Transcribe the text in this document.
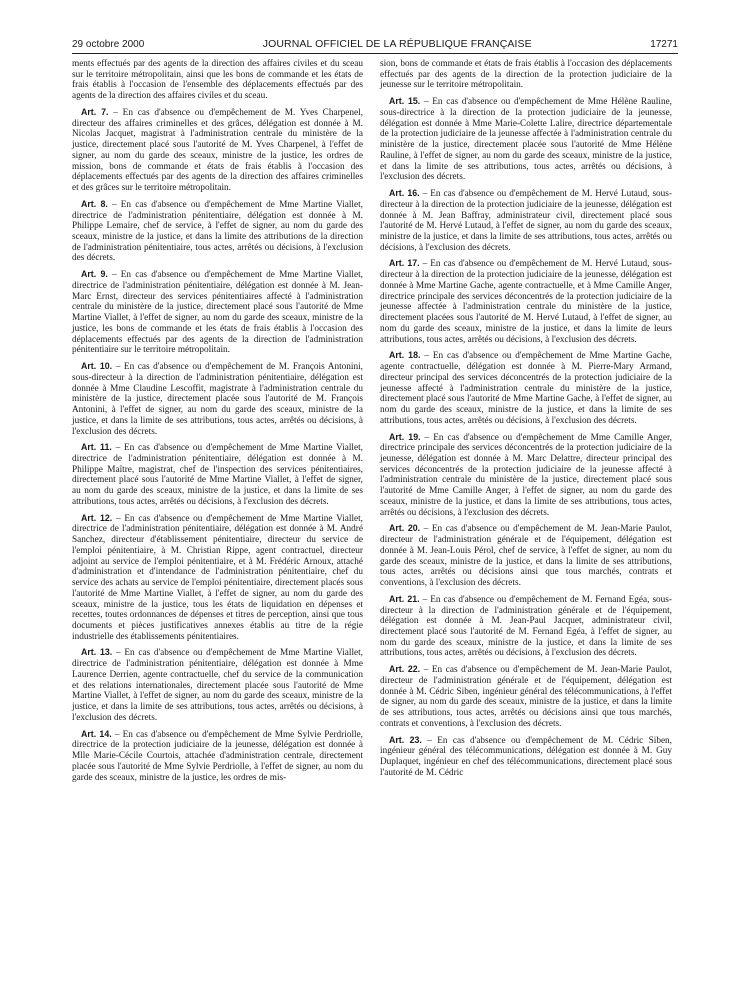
29 octobre 2000	JOURNAL OFFICIEL DE LA RÉPUBLIQUE FRANÇAISE	17271

ments effectués par des agents de la direction des affaires civiles et du sceau sur le territoire métropolitain, ainsi que les bons de commande et les états de frais établis à l'occasion de l'ensemble des déplacements effectués par des agents de la direction des affaires civiles et du sceau.

Art. 7. – En cas d'absence ou d'empêchement de M. Yves Charpenel, directeur des affaires criminelles et des grâces, délégation est donnée à M. Nicolas Jacquet, magistrat à l'administration centrale du ministère de la justice, directement placé sous l'autorité de M. Yves Charpenel, à l'effet de signer, au nom du garde des sceaux, ministre de la justice, les ordres de mission, bons de commande et états de frais établis à l'occasion des déplacements effectués par des agents de la direction des affaires criminelles et des grâces sur le territoire métropolitain.

Art. 8. – En cas d'absence ou d'empêchement de Mme Martine Viallet, directrice de l'administration pénitentiaire, délégation est donnée à M. Philippe Lemaire, chef de service, à l'effet de signer, au nom du garde des sceaux, ministre de la justice, et dans la limite des attributions de la direction de l'administration pénitentiaire, tous actes, arrêtés ou décisions, à l'exclusion des décrets.

Art. 9. – En cas d'absence ou d'empêchement de Mme Martine Viallet, directrice de l'administration pénitentiaire, délégation est donnée à M. Jean-Marc Ernst, directeur des services pénitentiaires affecté à l'administration centrale du ministère de la justice, directement placé sous l'autorité de Mme Martine Viallet, à l'effet de signer, au nom du garde des sceaux, ministre de la justice, les bons de commande et les états de frais établis à l'occasion des déplacements effectués par des agents de la direction de l'administration pénitentiaire sur le territoire métropolitain.

Art. 10. – En cas d'absence ou d'empêchement de M. François Antonini, sous-directeur à la direction de l'administration pénitentiaire, délégation est donnée à Mme Claudine Lescoffit, magistrate à l'administration centrale du ministère de la justice, directement placée sous l'autorité de M. François Antonini, à l'effet de signer, au nom du garde des sceaux, ministre de la justice, et dans la limite de ses attributions, tous actes, arrêtés ou décisions, à l'exclusion des décrets.

Art. 11. – En cas d'absence ou d'empêchement de Mme Martine Viallet, directrice de l'administration pénitentiaire, délégation est donnée à M. Philippe Maître, magistrat, chef de l'inspection des services pénitentiaires, directement placé sous l'autorité de Mme Martine Viallet, à l'effet de signer, au nom du garde des sceaux, ministre de la justice, et dans la limite de ses attributions, tous actes, arrêtés ou décisions, à l'exclusion des décrets.

Art. 12. – En cas d'absence ou d'empêchement de Mme Martine Viallet, directrice de l'administration pénitentiaire, délégation est donnée à M. André Sanchez, directeur d'établissement pénitentiaire, directeur du service de l'emploi pénitentiaire, à M. Christian Rippe, agent contractuel, directeur adjoint au service de l'emploi pénitentiaire, et à M. Frédéric Arnoux, attaché d'administration et d'intendance de l'administration pénitentiaire, chef du service des achats au service de l'emploi pénitentiaire, directement placés sous l'autorité de Mme Martine Viallet, à l'effet de signer, au nom du garde des sceaux, ministre de la justice, tous les états de liquidation en dépenses et recettes, toutes ordonnances de dépenses et titres de perception, ainsi que tous documents et pièces justificatives annexes établis au titre de la régie industrielle des établissements pénitentiaires.

Art. 13. – En cas d'absence ou d'empêchement de Mme Martine Viallet, directrice de l'administration pénitentiaire, délégation est donnée à Mme Laurence Derrien, agente contractuelle, chef du service de la communication et des relations internationales, directement placée sous l'autorité de Mme Martine Viallet, à l'effet de signer, au nom du garde des sceaux, ministre de la justice, et dans la limite de ses attributions, tous actes, arrêtés ou décisions, à l'exclusion des décrets.

Art. 14. – En cas d'absence ou d'empêchement de Mme Sylvie Perdriolle, directrice de la protection judiciaire de la jeunesse, délégation est donnée à Mlle Marie-Cécile Courtois, attachée d'administration centrale, directement placée sous l'autorité de Mme Sylvie Perdriolle, à l'effet de signer, au nom du garde des sceaux, ministre de la justice, les ordres de mis-

sion, bons de commande et états de frais établis à l'occasion des déplacements effectués par des agents de la direction de la protection judiciaire de la jeunesse sur le territoire métropolitain.

Art. 15. – En cas d'absence ou d'empêchement de Mme Hélène Rauline, sous-directrice à la direction de la protection judiciaire de la jeunesse, délégation est donnée à Mme Marie-Colette Lalire, directrice départementale de la protection judiciaire de la jeunesse affectée à l'administration centrale du ministère de la justice, directement placée sous l'autorité de Mme Hélène Rauline, à l'effet de signer, au nom du garde des sceaux, ministre de la justice, et dans la limite de ses attributions, tous actes, arrêtés ou décisions, à l'exclusion des décrets.

Art. 16. – En cas d'absence ou d'empêchement de M. Hervé Lutaud, sous-directeur à la direction de la protection judiciaire de la jeunesse, délégation est donnée à M. Jean Baffray, administrateur civil, directement placé sous l'autorité de M. Hervé Lutaud, à l'effet de signer, au nom du garde des sceaux, ministre de la justice, et dans la limite de ses attributions, tous actes, arrêtés ou décisions, à l'exclusion des décrets.

Art. 17. – En cas d'absence ou d'empêchement de M. Hervé Lutaud, sous-directeur à la direction de la protection judiciaire de la jeunesse, délégation est donnée à Mme Martine Gache, agente contractuelle, et à Mme Camille Anger, directrice principale des services déconcentrés de la protection judiciaire de la jeunesse affectée à l'administration centrale du ministère de la justice, directement placées sous l'autorité de M. Hervé Lutaud, à l'effet de signer, au nom du garde des sceaux, ministre de la justice, et dans la limite de leurs attributions, tous actes, arrêtés ou décisions, à l'exclusion des décrets.

Art. 18. – En cas d'absence ou d'empêchement de Mme Martine Gache, agente contractuelle, délégation est donnée à M. Pierre-Mary Armand, directeur principal des services déconcentrés de la protection judiciaire de la jeunesse affecté à l'administration centrale du ministère de la justice, directement placé sous l'autorité de Mme Martine Gache, à l'effet de signer, au nom du garde des sceaux, ministre de la justice, et dans la limite de ses attributions, tous actes, arrêtés ou décisions, à l'exclusion des décrets.

Art. 19. – En cas d'absence ou d'empêchement de Mme Camille Anger, directrice principale des services déconcentrés de la protection judiciaire de la jeunesse, délégation est donnée à M. Marc Delattre, directeur principal des services déconcentrés de la protection judiciaire de la jeunesse affecté à l'administration centrale du ministère de la justice, directement placé sous l'autorité de Mme Camille Anger, à l'effet de signer, au nom du garde des sceaux, ministre de la justice, et dans la limite de ses attributions, tous actes, arrêtés ou décisions, à l'exclusion des décrets.

Art. 20. – En cas d'absence ou d'empêchement de M. Jean-Marie Paulot, directeur de l'administration générale et de l'équipement, délégation est donnée à M. Jean-Louis Pérol, chef de service, à l'effet de signer, au nom du garde des sceaux, ministre de la justice, et dans la limite de ses attributions, tous actes, arrêtés ou décisions ainsi que tous marchés, contrats et conventions, à l'exclusion des décrets.

Art. 21. – En cas d'absence ou d'empêchement de M. Fernand Egéa, sous-directeur à la direction de l'administration générale et de l'équipement, délégation est donnée à M. Jean-Paul Jacquet, administrateur civil, directement placé sous l'autorité de M. Fernand Egéa, à l'effet de signer, au nom du garde des sceaux, ministre de la justice, et dans la limite de ses attributions, tous actes, arrêtés ou décisions, à l'exclusion des décrets.

Art. 22. – En cas d'absence ou d'empêchement de M. Jean-Marie Paulot, directeur de l'administration générale et de l'équipement, délégation est donnée à M. Cédric Siben, ingénieur général des télécommunications, à l'effet de signer, au nom du garde des sceaux, ministre de la justice, et dans la limite de ses attributions, tous actes, arrêtés ou décisions ainsi que tous marchés, contrats et conventions, à l'exclusion des décrets.

Art. 23. – En cas d'absence ou d'empêchement de M. Cédric Siben, ingénieur général des télécommunications, délégation est donnée à M. Guy Duplaquet, ingénieur en chef des télécommunications, directement placé sous l'autorité de M. Cédric
